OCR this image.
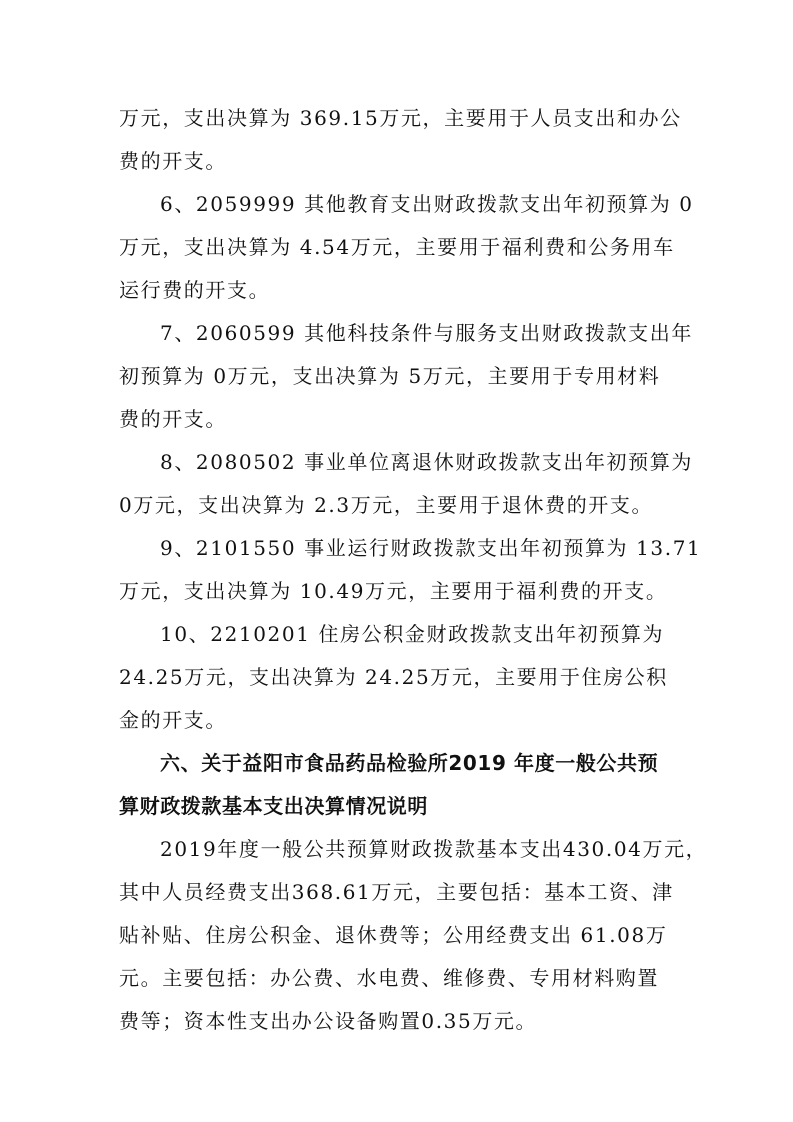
万元，支出决算为 369.15万元，主要用于人员支出和办公
费的开支。
6、2059999 其他教育支出财政拨款支出年初预算为 0
万元，支出决算为 4.54万元，主要用于福利费和公务用车
运行费的开支。
7、2060599 其他科技条件与服务支出财政拨款支出年
初预算为 0万元，支出决算为 5万元，主要用于专用材料
费的开支。
8、2080502 事业单位离退休财政拨款支出年初预算为
0万元，支出决算为 2.3万元，主要用于退休费的开支。
9、2101550 事业运行财政拨款支出年初预算为 13.71
万元，支出决算为 10.49万元，主要用于福利费的开支。
10、2210201 住房公积金财政拨款支出年初预算为
24.25万元，支出决算为 24.25万元，主要用于住房公积
金的开支。
六、关于益阳市食品药品检验所2019 年度一般公共预
算财政拨款基本支出决算情况说明
2019年度一般公共预算财政拨款基本支出430.04万元，
其中人员经费支出368.61万元，主要包括：基本工资、津
贴补贴、住房公积金、退休费等；公用经费支出 61.08万
元。主要包括：办公费、水电费、维修费、专用材料购置
费等；资本性支出办公设备购置0.35万元。
